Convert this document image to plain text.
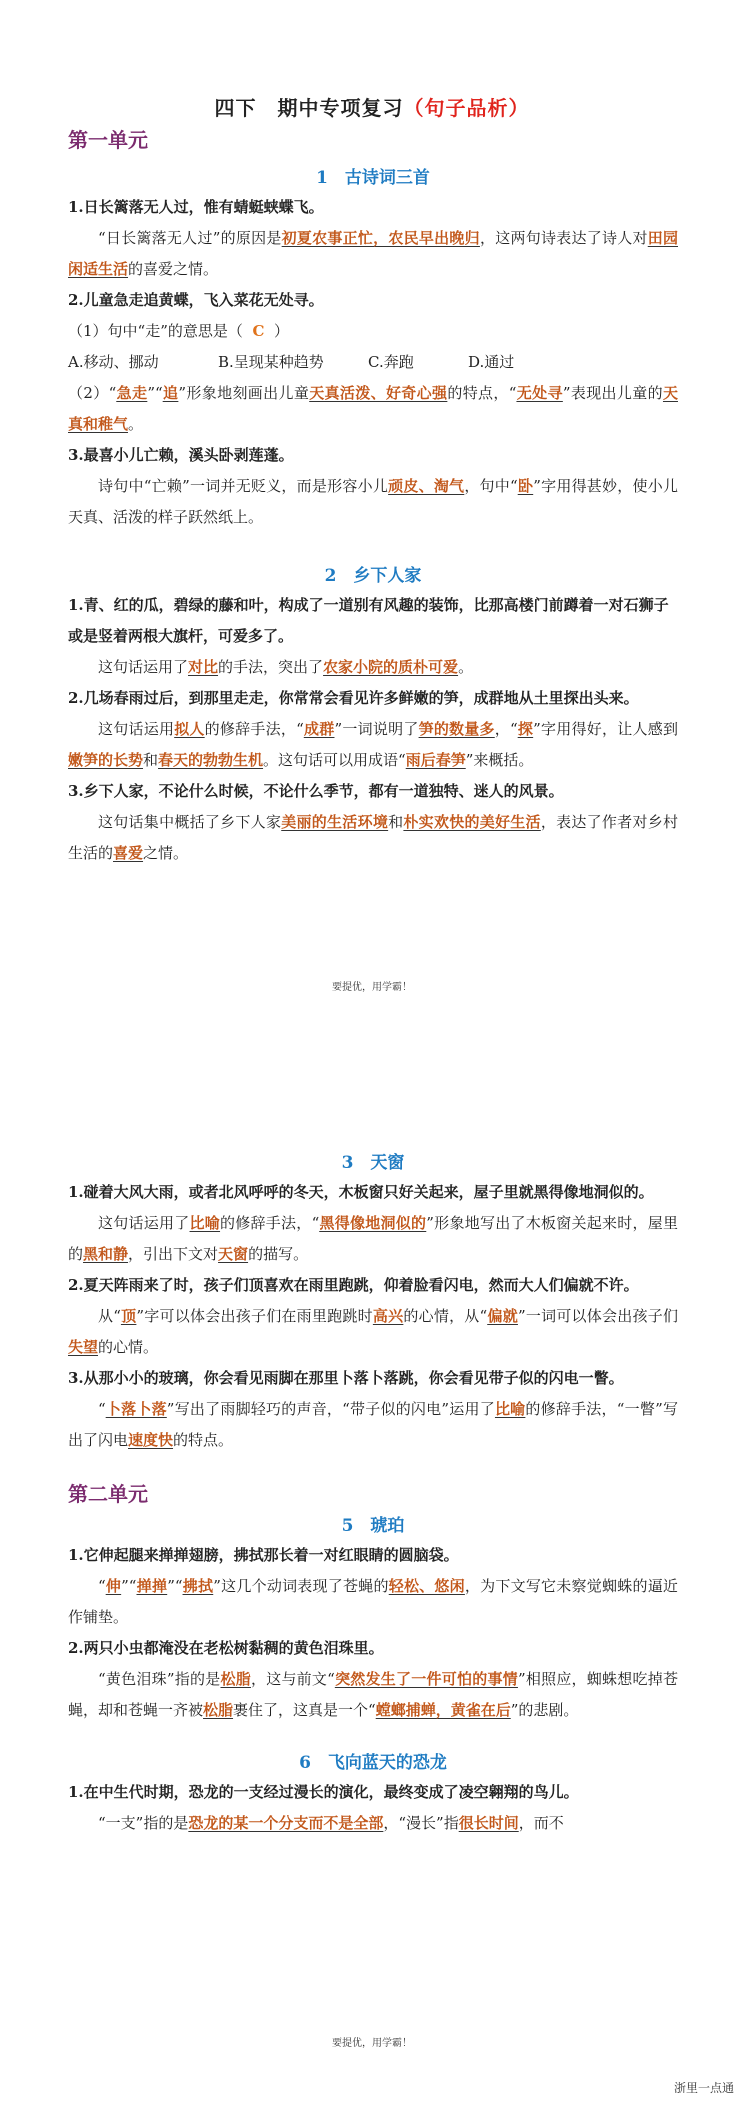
四下　期中专项复习（句子品析）

第一单元

1　古诗词三首

1.日长篱落无人过，惟有蜻蜓蛱蝶飞。

“日长篱落无人过”的原因是初夏农事正忙，农民早出晚归，这两句诗表达了诗人对田园闲适生活的喜爱之情。

2.儿童急走追黄蝶，飞入菜花无处寻。

（1）句中“走”的意思是（ C ）

A.移动、挪动	B.呈现某种趋势	C.奔跑	D.通过

（2）“急走”“追”形象地刻画出儿童天真活泼、好奇心强的特点，“无处寻”表现出儿童的天真和稚气。

3.最喜小儿亡赖，溪头卧剥莲蓬。

诗句中“亡赖”一词并无贬义，而是形容小儿顽皮、淘气，句中“卧”字用得甚妙，使小儿天真、活泼的样子跃然纸上。

2　乡下人家

1.青、红的瓜，碧绿的藤和叶，构成了一道别有风趣的装饰，比那高楼门前蹲着一对石狮子或是竖着两根大旗杆，可爱多了。

这句话运用了对比的手法，突出了农家小院的质朴可爱。

2.几场春雨过后，到那里走走，你常常会看见许多鲜嫩的笋，成群地从土里探出头来。

这句话运用拟人的修辞手法，“成群”一词说明了笋的数量多，“探”字用得好，让人感到嫩笋的长势和春天的勃勃生机。这句话可以用成语“雨后春笋”来概括。

3.乡下人家，不论什么时候，不论什么季节，都有一道独特、迷人的风景。

这句话集中概括了乡下人家美丽的生活环境和朴实欢快的美好生活，表达了作者对乡村生活的喜爱之情。

要提优，用学霸！

3　天窗

1.碰着大风大雨，或者北风呼呼的冬天，木板窗只好关起来，屋子里就黑得像地洞似的。

这句话运用了比喻的修辞手法，“黑得像地洞似的”形象地写出了木板窗关起来时，屋里的黑和静，引出下文对天窗的描写。

2.夏天阵雨来了时，孩子们顶喜欢在雨里跑跳，仰着脸看闪电，然而大人们偏就不许。

从“顶”字可以体会出孩子们在雨里跑跳时高兴的心情，从“偏就”一词可以体会出孩子们失望的心情。

3.从那小小的玻璃，你会看见雨脚在那里卜落卜落跳，你会看见带子似的闪电一瞥。

“卜落卜落”写出了雨脚轻巧的声音，“带子似的闪电”运用了比喻的修辞手法，“一瞥”写出了闪电速度快的特点。

第二单元

5　琥珀

1.它伸起腿来掸掸翅膀，拂拭那长着一对红眼睛的圆脑袋。

“伸”“掸掸”“拂拭”这几个动词表现了苍蝇的轻松、悠闲，为下文写它未察觉蜘蛛的逼近作铺垫。

2.两只小虫都淹没在老松树黏稠的黄色泪珠里。

“黄色泪珠”指的是松脂，这与前文“突然发生了一件可怕的事情”相照应，蜘蛛想吃掉苍蝇，却和苍蝇一齐被松脂裹住了，这真是一个“螳螂捕蝉，黄雀在后”的悲剧。

6　飞向蓝天的恐龙

1.在中生代时期，恐龙的一支经过漫长的演化，最终变成了凌空翱翔的鸟儿。

“一支”指的是恐龙的某一个分支而不是全部，“漫长”指很长时间，而不

要提优，用学霸！
浙里一点通
